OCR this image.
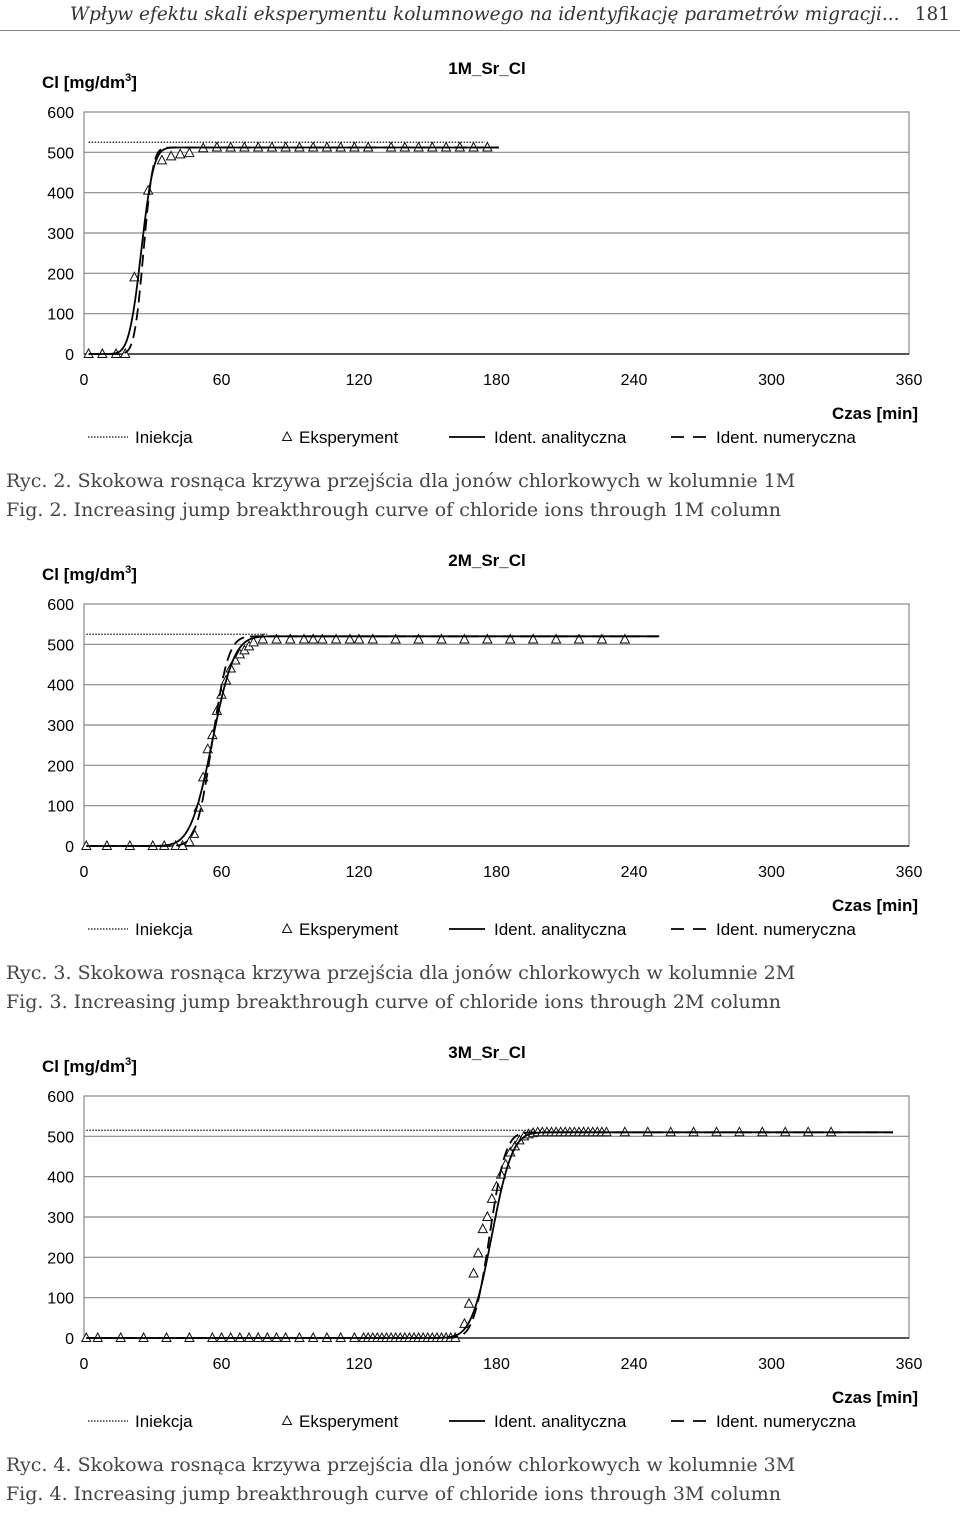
Wpływ efektu skali eksperymentu kolumnowego na identyfikację parametrów migracji... 181
Cl $[mg/dm^3]$
1M_Sr_Cl
0
100
200
300
400
500
600
0	60	120	180	240	300	360
Czas [min]
Iniekcja	Eksperyment	Ident. analityczna	Ident. numeryczna
Ryc. 2. Skokowa rosnąca krzywa przejścia dla jonów chlorkowych w kolumnie 1M
Fig. 2. Increasing jump breakthrough curve of chloride ions through 1M column
Cl $[mg/dm^3]$
2M_Sr_Cl
0
100
200
300
400
500
600
0	60	120	180	240	300	360
Czas [min]
Iniekcja	Eksperyment	Ident. analityczna	Ident. numeryczna
Ryc. 3. Skokowa rosnąca krzywa przejścia dla jonów chlorkowych w kolumnie 2M
Fig. 3. Increasing jump breakthrough curve of chloride ions through 2M column
Cl $[mg/dm^3]$
3M_Sr_Cl
0
100
200
300
400
500
600
0	60	120	180	240	300	360
Czas [min]
Iniekcja	Eksperyment	Ident. analityczna	Ident. numeryczna
Ryc. 4. Skokowa rosnąca krzywa przejścia dla jonów chlorkowych w kolumnie 3M
Fig. 4. Increasing jump breakthrough curve of chloride ions through 3M column
